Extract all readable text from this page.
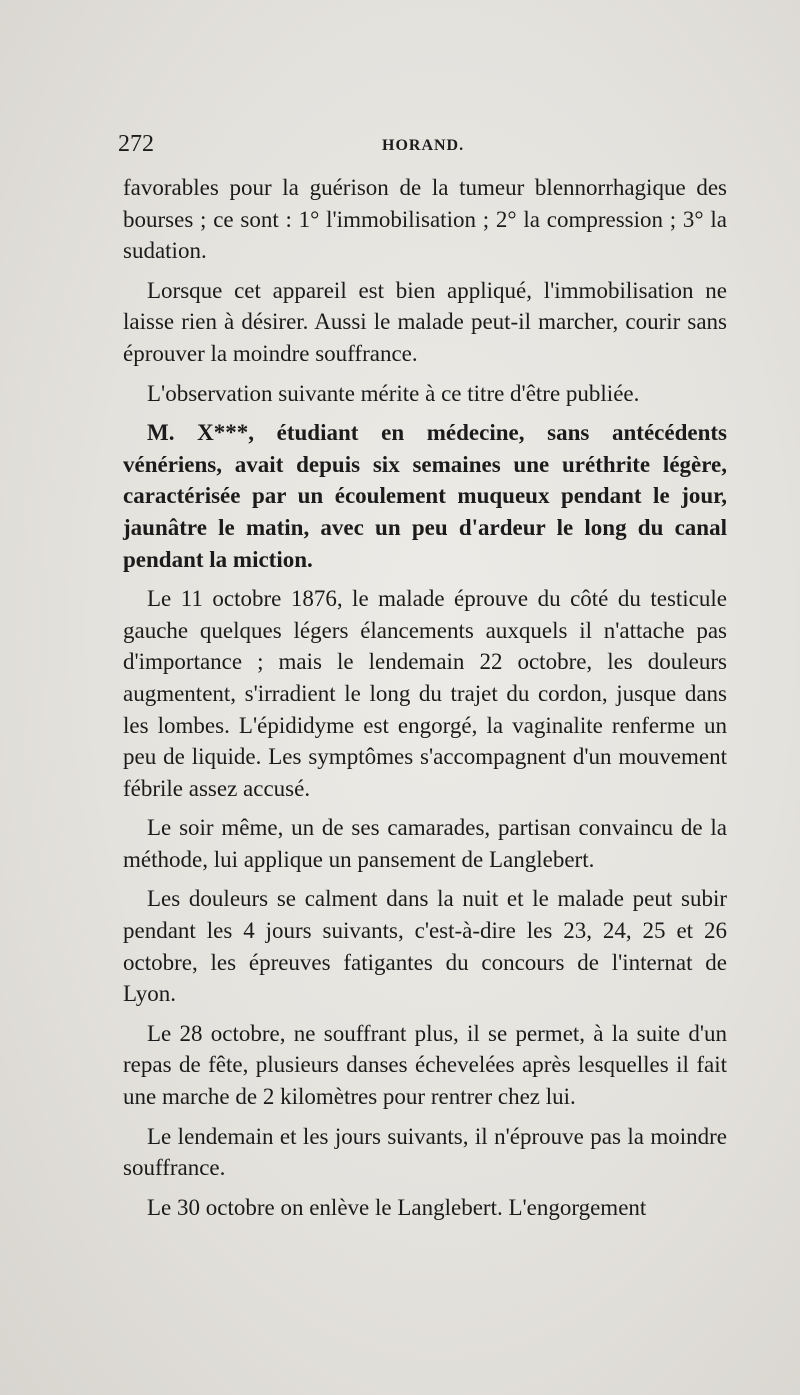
272	HORAND.

favorables pour la guérison de la tumeur blennorrhagique des bourses ; ce sont : 1° l'immobilisation ; 2° la compression ; 3° la sudation.

Lorsque cet appareil est bien appliqué, l'immobilisation ne laisse rien à désirer. Aussi le malade peut-il marcher, courir sans éprouver la moindre souffrance.

L'observation suivante mérite à ce titre d'être publiée.

M. X***, étudiant en médecine, sans antécédents vénériens, avait depuis six semaines une uréthrite légère, caractérisée par un écoulement muqueux pendant le jour, jaunâtre le matin, avec un peu d'ardeur le long du canal pendant la miction.

Le 11 octobre 1876, le malade éprouve du côté du testicule gauche quelques légers élancements auxquels il n'attache pas d'importance ; mais le lendemain 22 octobre, les douleurs augmentent, s'irradient le long du trajet du cordon, jusque dans les lombes. L'épididyme est engorgé, la vaginalite renferme un peu de liquide. Les symptômes s'accompagnent d'un mouvement fébrile assez accusé.

Le soir même, un de ses camarades, partisan convaincu de la méthode, lui applique un pansement de Langlebert.

Les douleurs se calment dans la nuit et le malade peut subir pendant les 4 jours suivants, c'est-à-dire les 23, 24, 25 et 26 octobre, les épreuves fatigantes du concours de l'internat de Lyon.

Le 28 octobre, ne souffrant plus, il se permet, à la suite d'un repas de fête, plusieurs danses échevelées après lesquelles il fait une marche de 2 kilomètres pour rentrer chez lui.

Le lendemain et les jours suivants, il n'éprouve pas la moindre souffrance.

Le 30 octobre on enlève le Langlebert. L'engorgement
